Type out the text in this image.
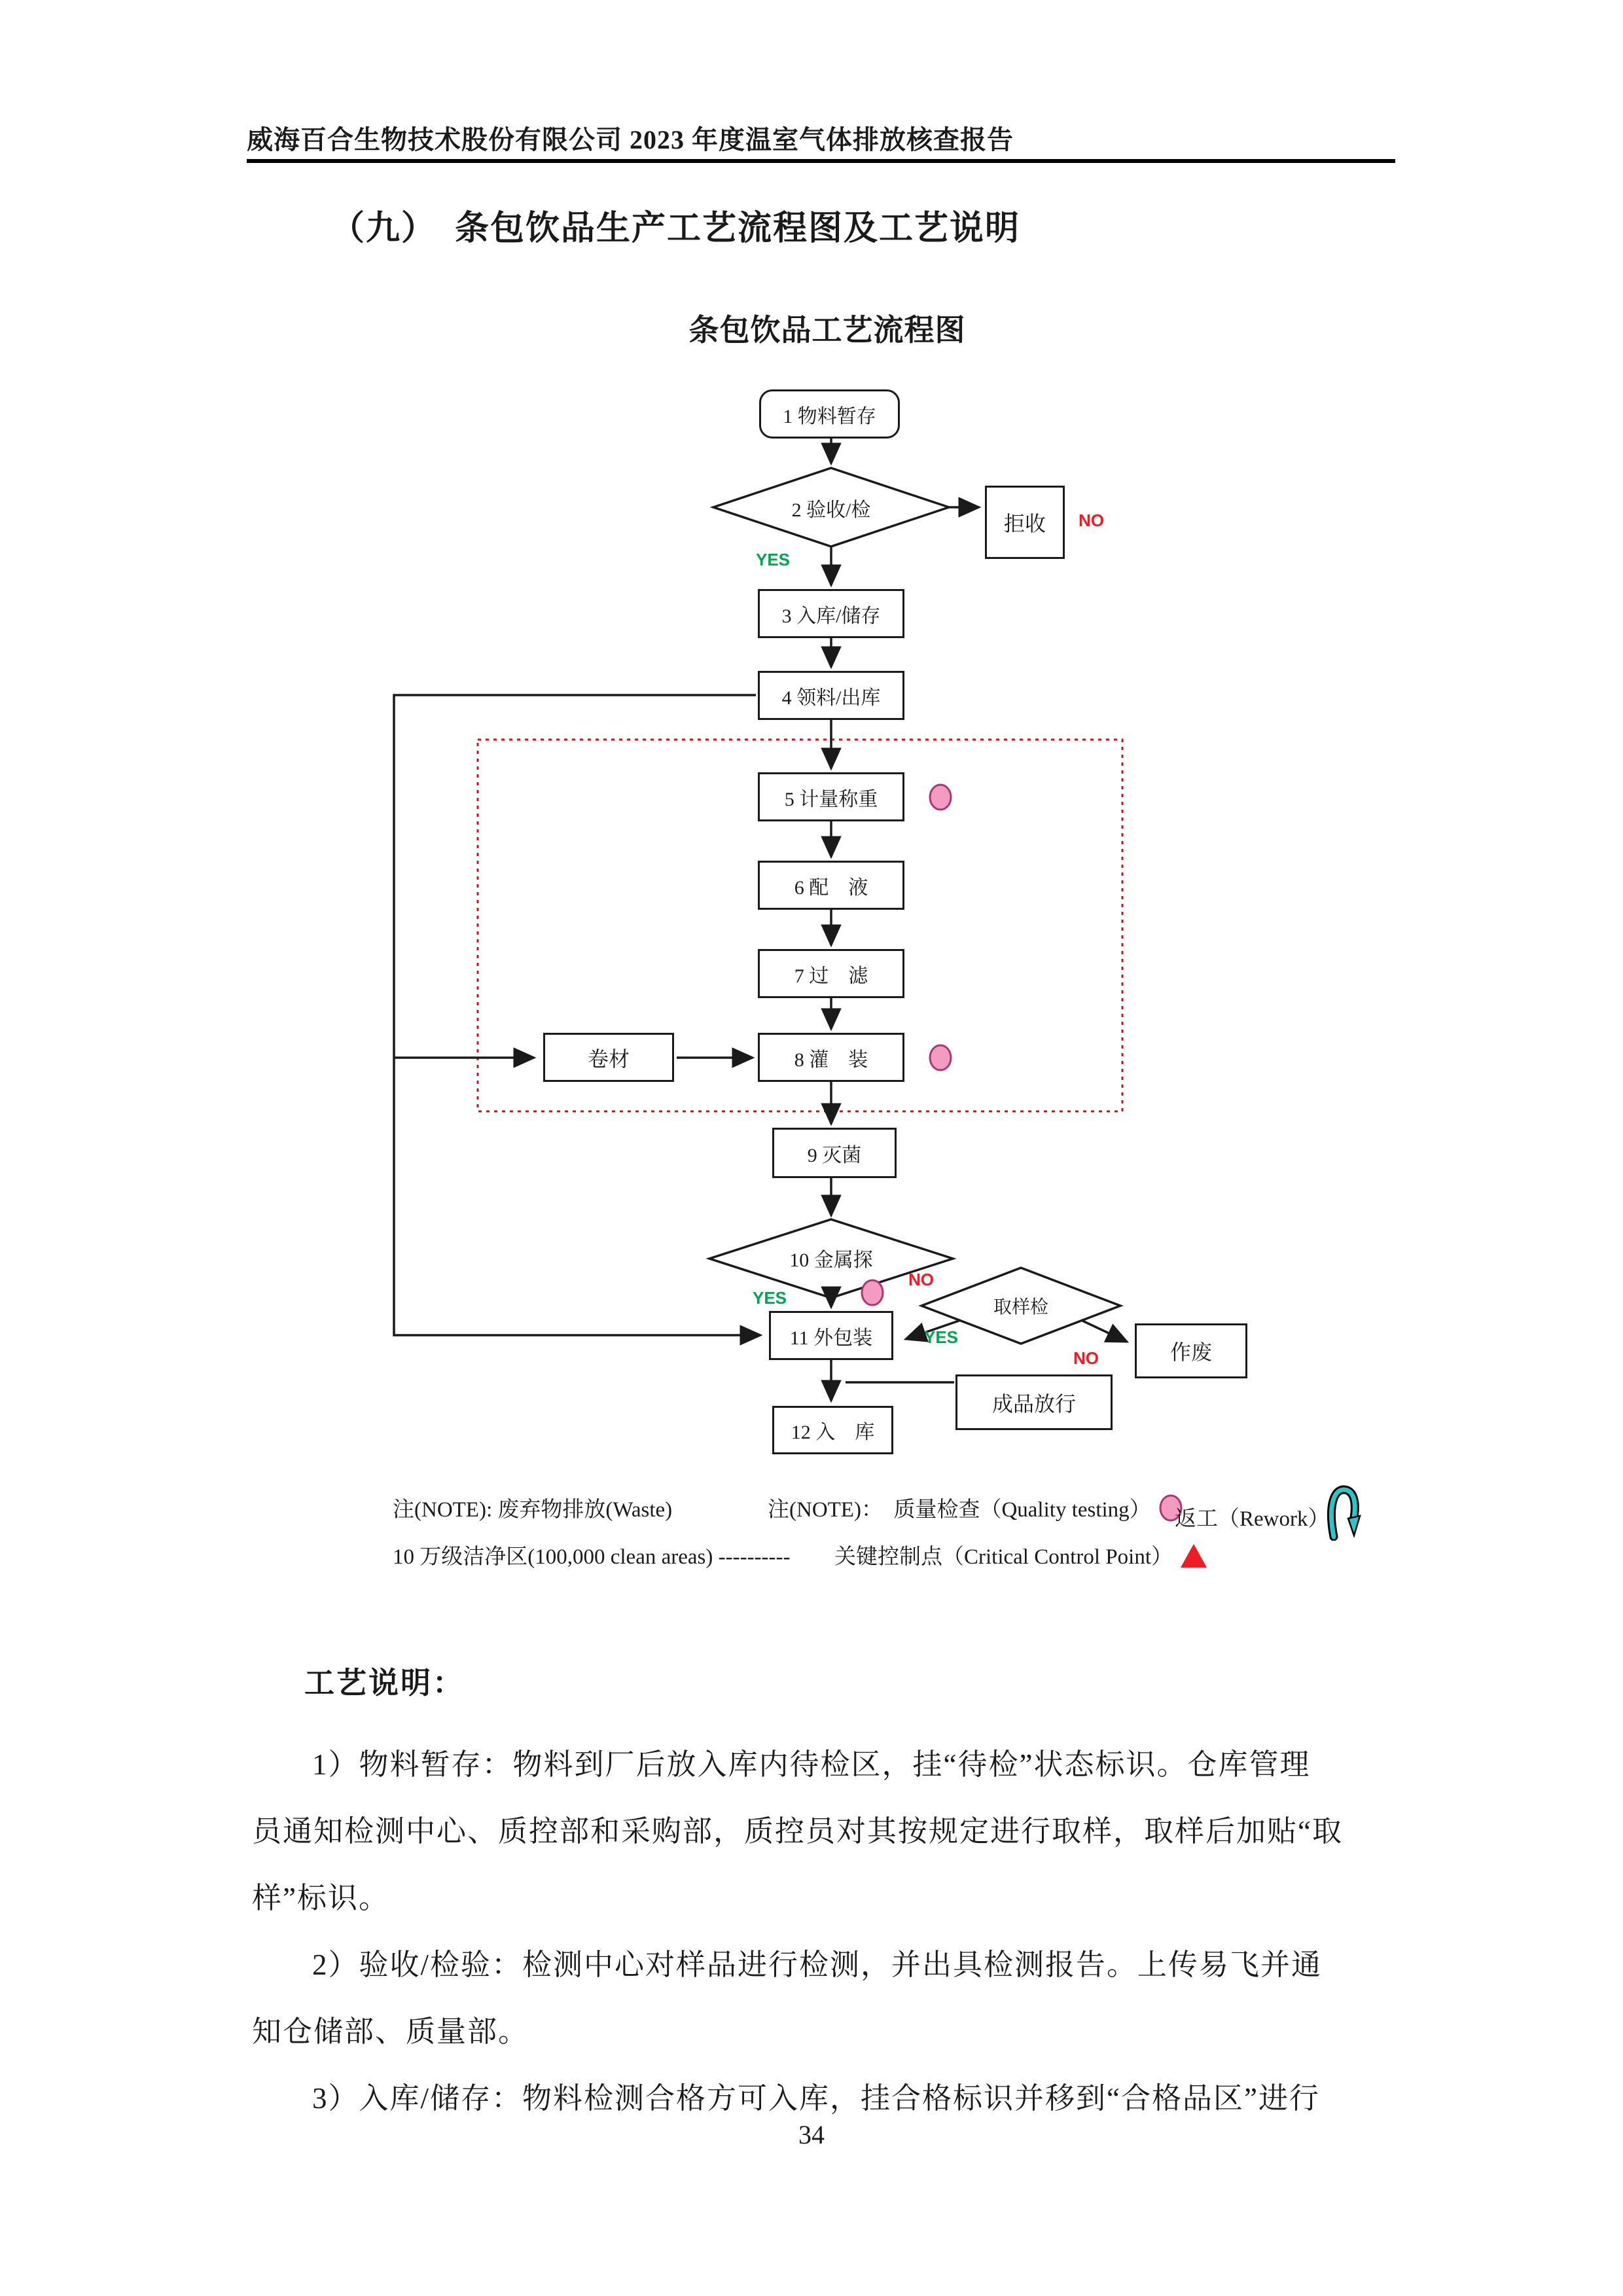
威海百合生物技术股份有限公司 2023 年度温室气体排放核查报告
（九）　条包饮品生产工艺流程图及工艺说明
条包饮品工艺流程图
1 物料暂存
2 验收/检
拒收
3 入库/储存
4 领料/出库
5 计量称重
6 配　液
7 过　滤
卷材	8 灌　装
9 灭菌
10 金属探
取样检
11 外包装
作废
成品放行
12 入　库
YES
NO
YES
NO
YES
NO
注(NOTE): 废弃物排放(Waste)	注(NOTE)：　质量检查（Quality testing） 返工（Rework）
10 万级洁净区(100,000 clean areas) ---------- 关键控制点（Critical Control Point）
工艺说明：
1）物料暂存：物料到厂后放入库内待检区，挂“待检”状态标识。仓库管理
员通知检测中心、质控部和采购部，质控员对其按规定进行取样，取样后加贴“取
样”标识。
2）验收/检验：检测中心对样品进行检测，并出具检测报告。上传易飞并通
知仓储部、质量部。
3）入库/储存：物料检测合格方可入库，挂合格标识并移到“合格品区”进行
34
